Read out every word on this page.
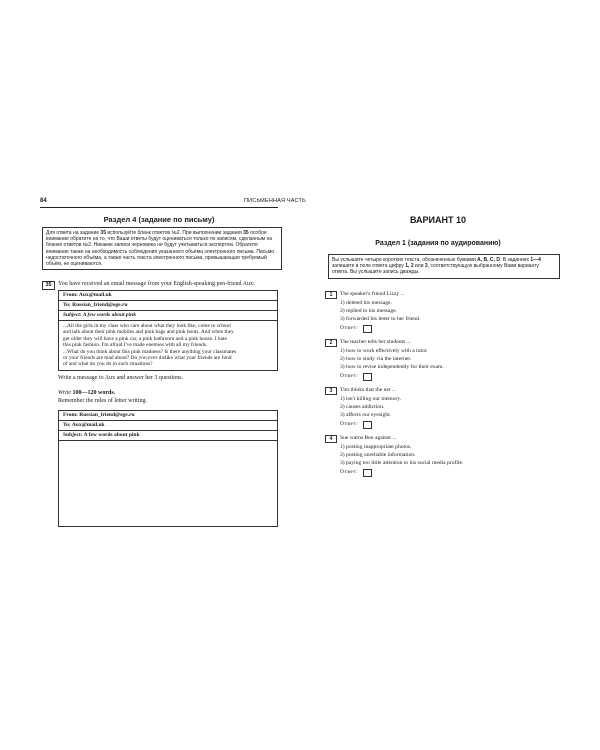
84	ПИСЬМЕННАЯ ЧАСТЬ
Раздел 4 (задание по письму)
Для ответа на задание 35 используйте бланк ответов №2. При выполнении задания 35 особое внимание обратите на то, что Ваши ответы будут оцениваться только по записям, сделанным на бланке ответов №2. Никакие записи черновика не будут учитываться экспертом. Обратите внимание также на необходимость соблюдения указанного объёма электронного письма. Письмо недостаточного объёма, а также часть текста электронного письма, превышающая требуемый объём, не оцениваются.
35	You have received an email message from your English-speaking pen-friend Aux:
From: Aux@mail.uk
To: Russian_friend@ege.ru
Subject: A few words about pink
...All the girls in my class who care about what they look like, come to school
and talk about their pink mobiles and pink bags and pink boots. And when they
get older they will have a pink car, a pink bathroom and a pink house. I hate
this pink fashion. I'm afraid I've made enemies with all my friends.
...What do you think about this pink madness? Is there anything your classmates
or your friends are mad about? Do you ever dislike what your friends are fond
of and what do you do in such situations?
Write a message to Aux and answer her 3 questions.
Write 100—120 words.
Remember the rules of letter writing.
From: Russian_friend@ege.ru
To: Aux@mail.uk
Subject: A few words about pink
ВАРИАНТ 10
Раздел 1 (задания по аудированию)
Вы услышите четыре коротких текста, обозначенных буквами A, B, C, D. В заданиях 1—4 запишите в поле ответа цифру 1, 2 или 3, соответствующую выбранному Вами варианту ответа. Вы услышите запись дважды.
1	The speaker's friend Lizzy ...
1) deleted his message.
2) replied to his message.
3) forwarded his letter to her friend.
Ответ:
2	The teacher tells her students ...
1) how to work effectively with a tutor.
2) how to study via the internet.
3) how to revise independently for their exam.
Ответ:
3	Tim thinks that the net ...
1) isn't killing our memory.
2) causes addiction.
3) affects our eyesight.
Ответ:
4	Sue warns Ben against ...
1) posting inappropriate photos.
2) posting unreliable information.
3) paying too little attention to his social media profile.
Ответ:
